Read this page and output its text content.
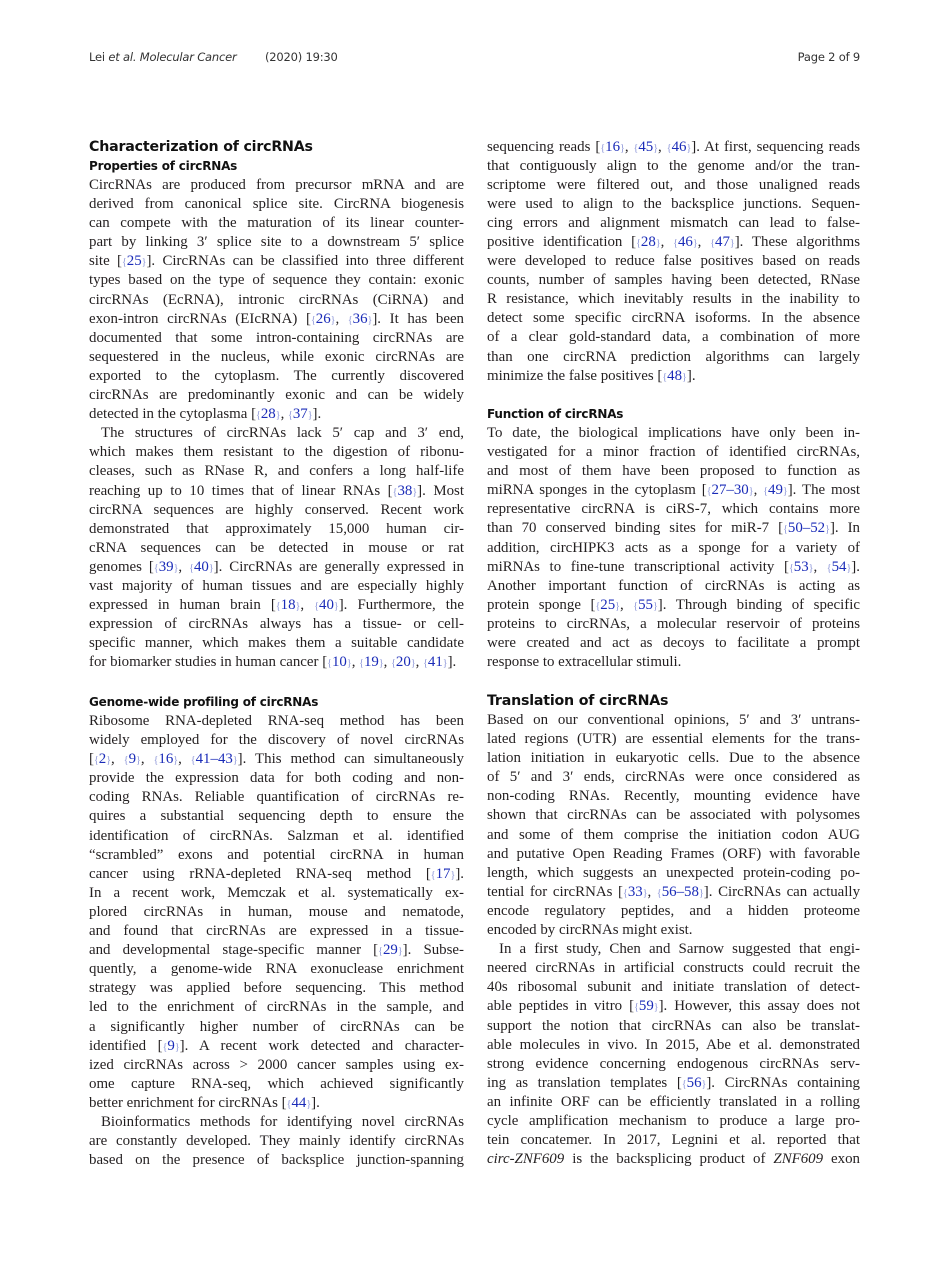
Lei et al. Molecular Cancer (2020) 19:30	Page 2 of 9
Characterization of circRNAs
Properties of circRNAs
CircRNAs are produced from precursor mRNA and are
derived from canonical splice site. CircRNA biogenesis
can compete with the maturation of its linear counter-
part by linking 3′ splice site to a downstream 5′ splice
site [{25}]. CircRNAs can be classified into three different
types based on the type of sequence they contain: exonic
circRNAs (EcRNA), intronic circRNAs (CiRNA) and
exon-intron circRNAs (EIcRNA) [{26}, {36}]. It has been
documented that some intron-containing circRNAs are
sequestered in the nucleus, while exonic circRNAs are
exported to the cytoplasm. The currently discovered
circRNAs are predominantly exonic and can be widely
detected in the cytoplasma [{28}, {37}].
The structures of circRNAs lack 5′ cap and 3′ end,
which makes them resistant to the digestion of ribonu-
cleases, such as RNase R, and confers a long half-life
reaching up to 10 times that of linear RNAs [{38}]. Most
circRNA sequences are highly conserved. Recent work
demonstrated that approximately 15,000 human cir-
cRNA sequences can be detected in mouse or rat
genomes [{39}, {40}]. CircRNAs are generally expressed in
vast majority of human tissues and are especially highly
expressed in human brain [{18}, {40}]. Furthermore, the
expression of circRNAs always has a tissue- or cell-
specific manner, which makes them a suitable candidate
for biomarker studies in human cancer [{10}, {19}, {20}, {41}].
Genome-wide profiling of circRNAs
Ribosome RNA-depleted RNA-seq method has been
widely employed for the discovery of novel circRNAs
[{2}, {9}, {16}, {41–43}]. This method can simultaneously
provide the expression data for both coding and non-
coding RNAs. Reliable quantification of circRNAs re-
quires a substantial sequencing depth to ensure the
identification of circRNAs. Salzman et al. identified
“scrambled” exons and potential circRNA in human
cancer using rRNA-depleted RNA-seq method [{17}].
In a recent work, Memczak et al. systematically ex-
plored circRNAs in human, mouse and nematode,
and found that circRNAs are expressed in a tissue-
and developmental stage-specific manner [{29}]. Subse-
quently, a genome-wide RNA exonuclease enrichment
strategy was applied before sequencing. This method
led to the enrichment of circRNAs in the sample, and
a significantly higher number of circRNAs can be
identified [{9}]. A recent work detected and character-
ized circRNAs across > 2000 cancer samples using ex-
ome capture RNA-seq, which achieved significantly
better enrichment for circRNAs [{44}].
Bioinformatics methods for identifying novel circRNAs
are constantly developed. They mainly identify circRNAs
based on the presence of backsplice junction-spanning
sequencing reads [{16}, {45}, {46}]. At first, sequencing reads
that contiguously align to the genome and/or the tran-
scriptome were filtered out, and those unaligned reads
were used to align to the backsplice junctions. Sequen-
cing errors and alignment mismatch can lead to false-
positive identification [{28}, {46}, {47}]. These algorithms
were developed to reduce false positives based on reads
counts, number of samples having been detected, RNase
R resistance, which inevitably results in the inability to
detect some specific circRNA isoforms. In the absence
of a clear gold-standard data, a combination of more
than one circRNA prediction algorithms can largely
minimize the false positives [{48}].
Function of circRNAs
To date, the biological implications have only been in-
vestigated for a minor fraction of identified circRNAs,
and most of them have been proposed to function as
miRNA sponges in the cytoplasm [{27–30}, {49}]. The most
representative circRNA is ciRS-7, which contains more
than 70 conserved binding sites for miR-7 [{50–52}]. In
addition, circHIPK3 acts as a sponge for a variety of
miRNAs to fine-tune transcriptional activity [{53}, {54}].
Another important function of circRNAs is acting as
protein sponge [{25}, {55}]. Through binding of specific
proteins to circRNAs, a molecular reservoir of proteins
were created and act as decoys to facilitate a prompt
response to extracellular stimuli.
Translation of circRNAs
Based on our conventional opinions, 5′ and 3′ untrans-
lated regions (UTR) are essential elements for the trans-
lation initiation in eukaryotic cells. Due to the absence
of 5′ and 3′ ends, circRNAs were once considered as
non-coding RNAs. Recently, mounting evidence have
shown that circRNAs can be associated with polysomes
and some of them comprise the initiation codon AUG
and putative Open Reading Frames (ORF) with favorable
length, which suggests an unexpected protein-coding po-
tential for circRNAs [{33}, {56–58}]. CircRNAs can actually
encode regulatory peptides, and a hidden proteome
encoded by circRNAs might exist.
In a first study, Chen and Sarnow suggested that engi-
neered circRNAs in artificial constructs could recruit the
40s ribosomal subunit and initiate translation of detect-
able peptides in vitro [{59}]. However, this assay does not
support the notion that circRNAs can also be translat-
able molecules in vivo. In 2015, Abe et al. demonstrated
strong evidence concerning endogenous circRNAs serv-
ing as translation templates [{56}]. CircRNAs containing
an infinite ORF can be efficiently translated in a rolling
cycle amplification mechanism to produce a large pro-
tein concatemer. In 2017, Legnini et al. reported that
circ-ZNF609 is the backsplicing product of ZNF609 exon
